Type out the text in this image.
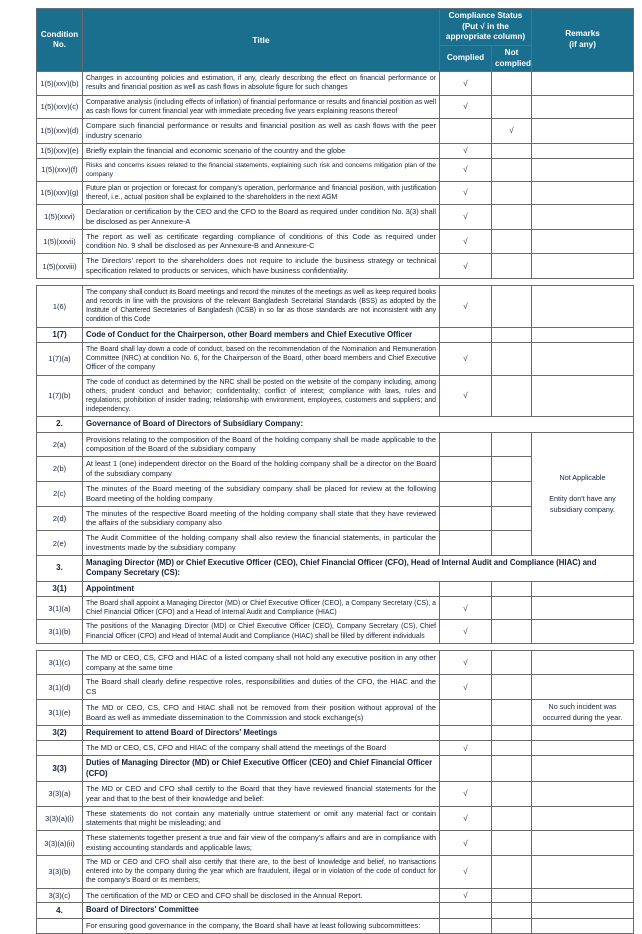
Condition
No.	Title	Compliance Status
(Put √ in the
appropriate column)		Remarks
(if any)
		Complied	Not
complied	
1(5)(xxv)(b)	Changes in accounting policies and estimation, if any, clearly describing the effect on financial performance or results and financial position as well as cash flows in absolute figure for such changes	√		
1(5)(xxv)(c)	Comparative analysis (including effects of inflation) of financial performance or results and financial position as well as cash flows for current financial year with immediate preceding five years explaining reasons thereof	√		
1(5)(xxv)(d)	Compare such financial performance or results and financial position as well as cash flows with the peer industry scenario		√	
1(5)(xxv)(e)	Briefly explain the financial and economic scenario of the country and the globe	√		
1(5)(xxv)(f)	Risks and concerns issues related to the financial statements, explaining such risk and concerns mitigation plan of the company	√		
1(5)(xxv)(g)	Future plan or projection or forecast for company's operation, performance and financial position, with justification thereof, i.e., actual position shall be explained to the shareholders in the next AGM	√		
1(5)(xxvi)	Declaration or certification by the CEO and the CFO to the Board as required under condition No. 3(3) shall be disclosed as per Annexure-A	√		
1(5)(xxvii)	The report as well as certificate regarding compliance of conditions of this Code as required under condition No. 9 shall be disclosed as per Annexure-B and Annexure-C	√		
1(5)(xxviii)	The Directors' report to the shareholders does not require to include the business strategy or technical specification related to products or services, which have business confidentiality.	√		
1(6)	The company shall conduct its Board meetings and record the minutes of the meetings as well as keep required books and records in line with the provisions of the relevant Bangladesh Secretarial Standards (BSS) as adopted by the Institute of Chartered Secretaries of Bangladesh (ICSB) in so far as those standards are not inconsistent with any condition of this Code	√		
1(7)	Code of Conduct for the Chairperson, other Board members and Chief Executive Officer			
1(7)(a)	The Board shall lay down a code of conduct, based on the recommendation of the Nomination and Remuneration Committee (NRC) at condition No. 6, for the Chairperson of the Board, other board members and Chief Executive Officer of the company	√		
1(7)(b)	The code of conduct as determined by the NRC shall be posted on the website of the company including, among others, prudent conduct and behavior; confidentiality; conflict of interest; compliance with laws, rules and regulations; prohibition of insider trading; relationship with environment, employees, customers and suppliers; and independency.	√		
2.	Governance of Board of Directors of Subsidiary Company:			
2(a)	Provisions relating to the composition of the Board of the holding company shall be made applicable to the composition of the Board of the subsidiary company			Not Applicable

Entity don't have any subsidiary company.

2(b)	At least 1 (one) independent director on the Board of the holding company shall be a director on the Board of the subsidiary company			
2(c)	The minutes of the Board meeting of the subsidiary company shall be placed for review at the following Board meeting of the holding company			
2(d)	The minutes of the respective Board meeting of the holding company shall state that they have reviewed the affairs of the subsidiary company also			
2(e)	The Audit Committee of the holding company shall also review the financial statements, in particular the investments made by the subsidiary company			
3.	Managing Director (MD) or Chief Executive Officer (CEO), Chief Financial Officer (CFO), Head of Internal Audit and Compliance (HIAC) and Company Secretary (CS):			
3(1)	Appointment			
3(1)(a)	The Board shall appoint a Managing Director (MD) or Chief Executive Officer (CEO), a Company Secretary (CS), a Chief Financial Officer (CFO) and a Head of Internal Audit and Compliance (HIAC)	√		
3(1)(b)	The positions of the Managing Director (MD) or Chief Executive Officer (CEO), Company Secretary (CS), Chief Financial Officer (CFO) and Head of Internal Audit and Compliance (HIAC) shall be filled by different individuals	√		
3(1)(c)	The MD or CEO, CS, CFO and HIAC of a listed company shall not hold any executive position in any other company at the same time	√		
3(1)(d)	The Board shall clearly define respective roles, responsibilities and duties of the CFO, the HIAC and the CS	√		
3(1)(e)	The MD or CEO, CS, CFO and HIAC shall not be removed from their position without approval of the Board as well as immediate dissemination to the Commission and stock exchange(s)			No such incident was occurred during the year.
3(2)	Requirement to attend Board of Directors' Meetings			
	The MD or CEO, CS, CFO and HIAC of the company shall attend the meetings of the Board	√		
3(3)	Duties of Managing Director (MD) or Chief Executive Officer (CEO) and Chief Financial Officer (CFO)			
3(3)(a)	The MD or CEO and CFO shall certify to the Board that they have reviewed financial statements for the year and that to the best of their knowledge and belief:	√		
3(3)(a)(i)	These statements do not contain any materially untrue statement or omit any material fact or contain statements that might be misleading; and	√		
3(3)(a)(ii)	These statements together present a true and fair view of the company's affairs and are in compliance with existing accounting standards and applicable laws;	√		
3(3)(b)	The MD or CEO and CFO shall also certify that there are, to the best of knowledge and belief, no transactions entered into by the company during the year which are fraudulent, illegal or in violation of the code of conduct for the company's Board or its members;	√		
3(3)(c)	The certification of the MD or CEO and CFO shall be disclosed in the Annual Report.	√		
4.	Board of Directors' Committee			
	For ensuring good governance in the company, the Board shall have at least following subcommittees:			
